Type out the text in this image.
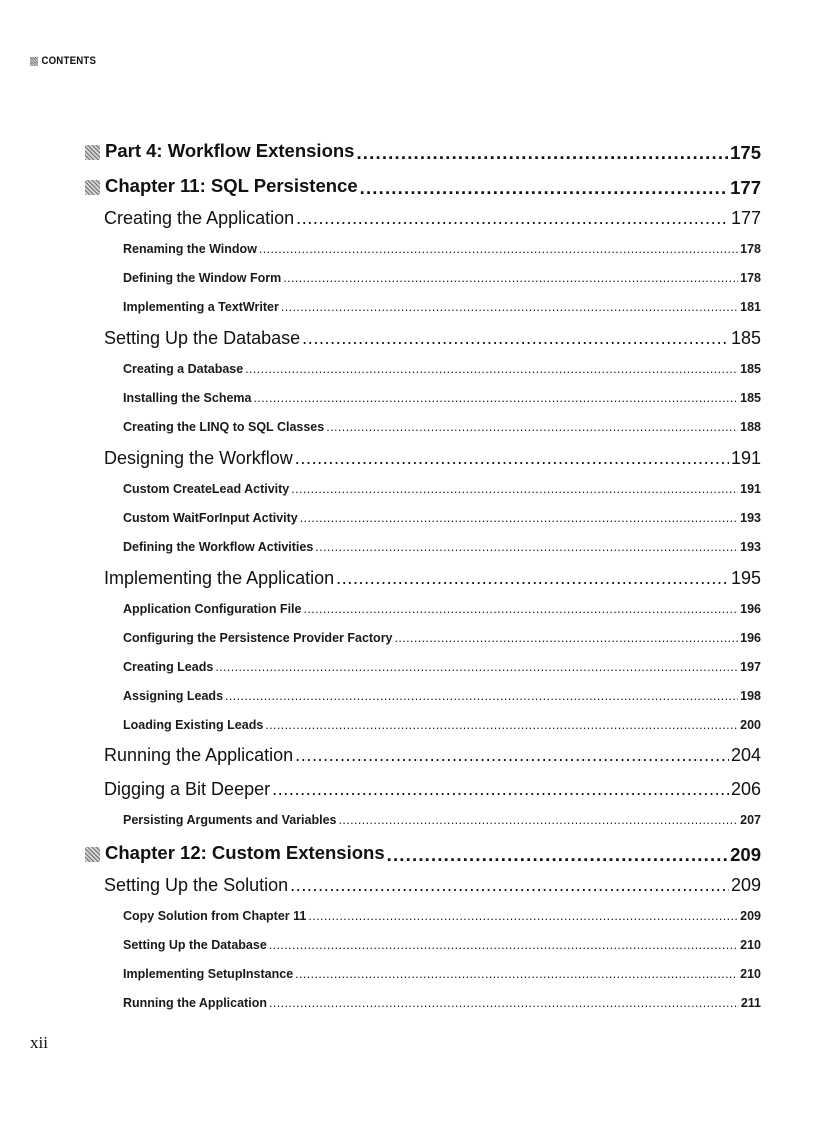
CONTENTS
Part 4: Workflow Extensions .....	175
Chapter 11: SQL Persistence .....	177
Creating the Application .....	177
Renaming the Window .....	178
Defining the Window Form .....	178
Implementing a TextWriter .....	181
Setting Up the Database .....	185
Creating a Database .....	185
Installing the Schema .....	185
Creating the LINQ to SQL Classes .....	188
Designing the Workflow .....	191
Custom CreateLead Activity .....	191
Custom WaitForInput Activity .....	193
Defining the Workflow Activities .....	193
Implementing the Application .....	195
Application Configuration File .....	196
Configuring the Persistence Provider Factory .....	196
Creating Leads .....	197
Assigning Leads .....	198
Loading Existing Leads .....	200
Running the Application .....	204
Digging a Bit Deeper .....	206
Persisting Arguments and Variables .....	207
Chapter 12: Custom Extensions .....	209
Setting Up the Solution .....	209
Copy Solution from Chapter 11 .....	209
Setting Up the Database .....	210
Implementing SetupInstance .....	210
Running the Application .....	211
xii
